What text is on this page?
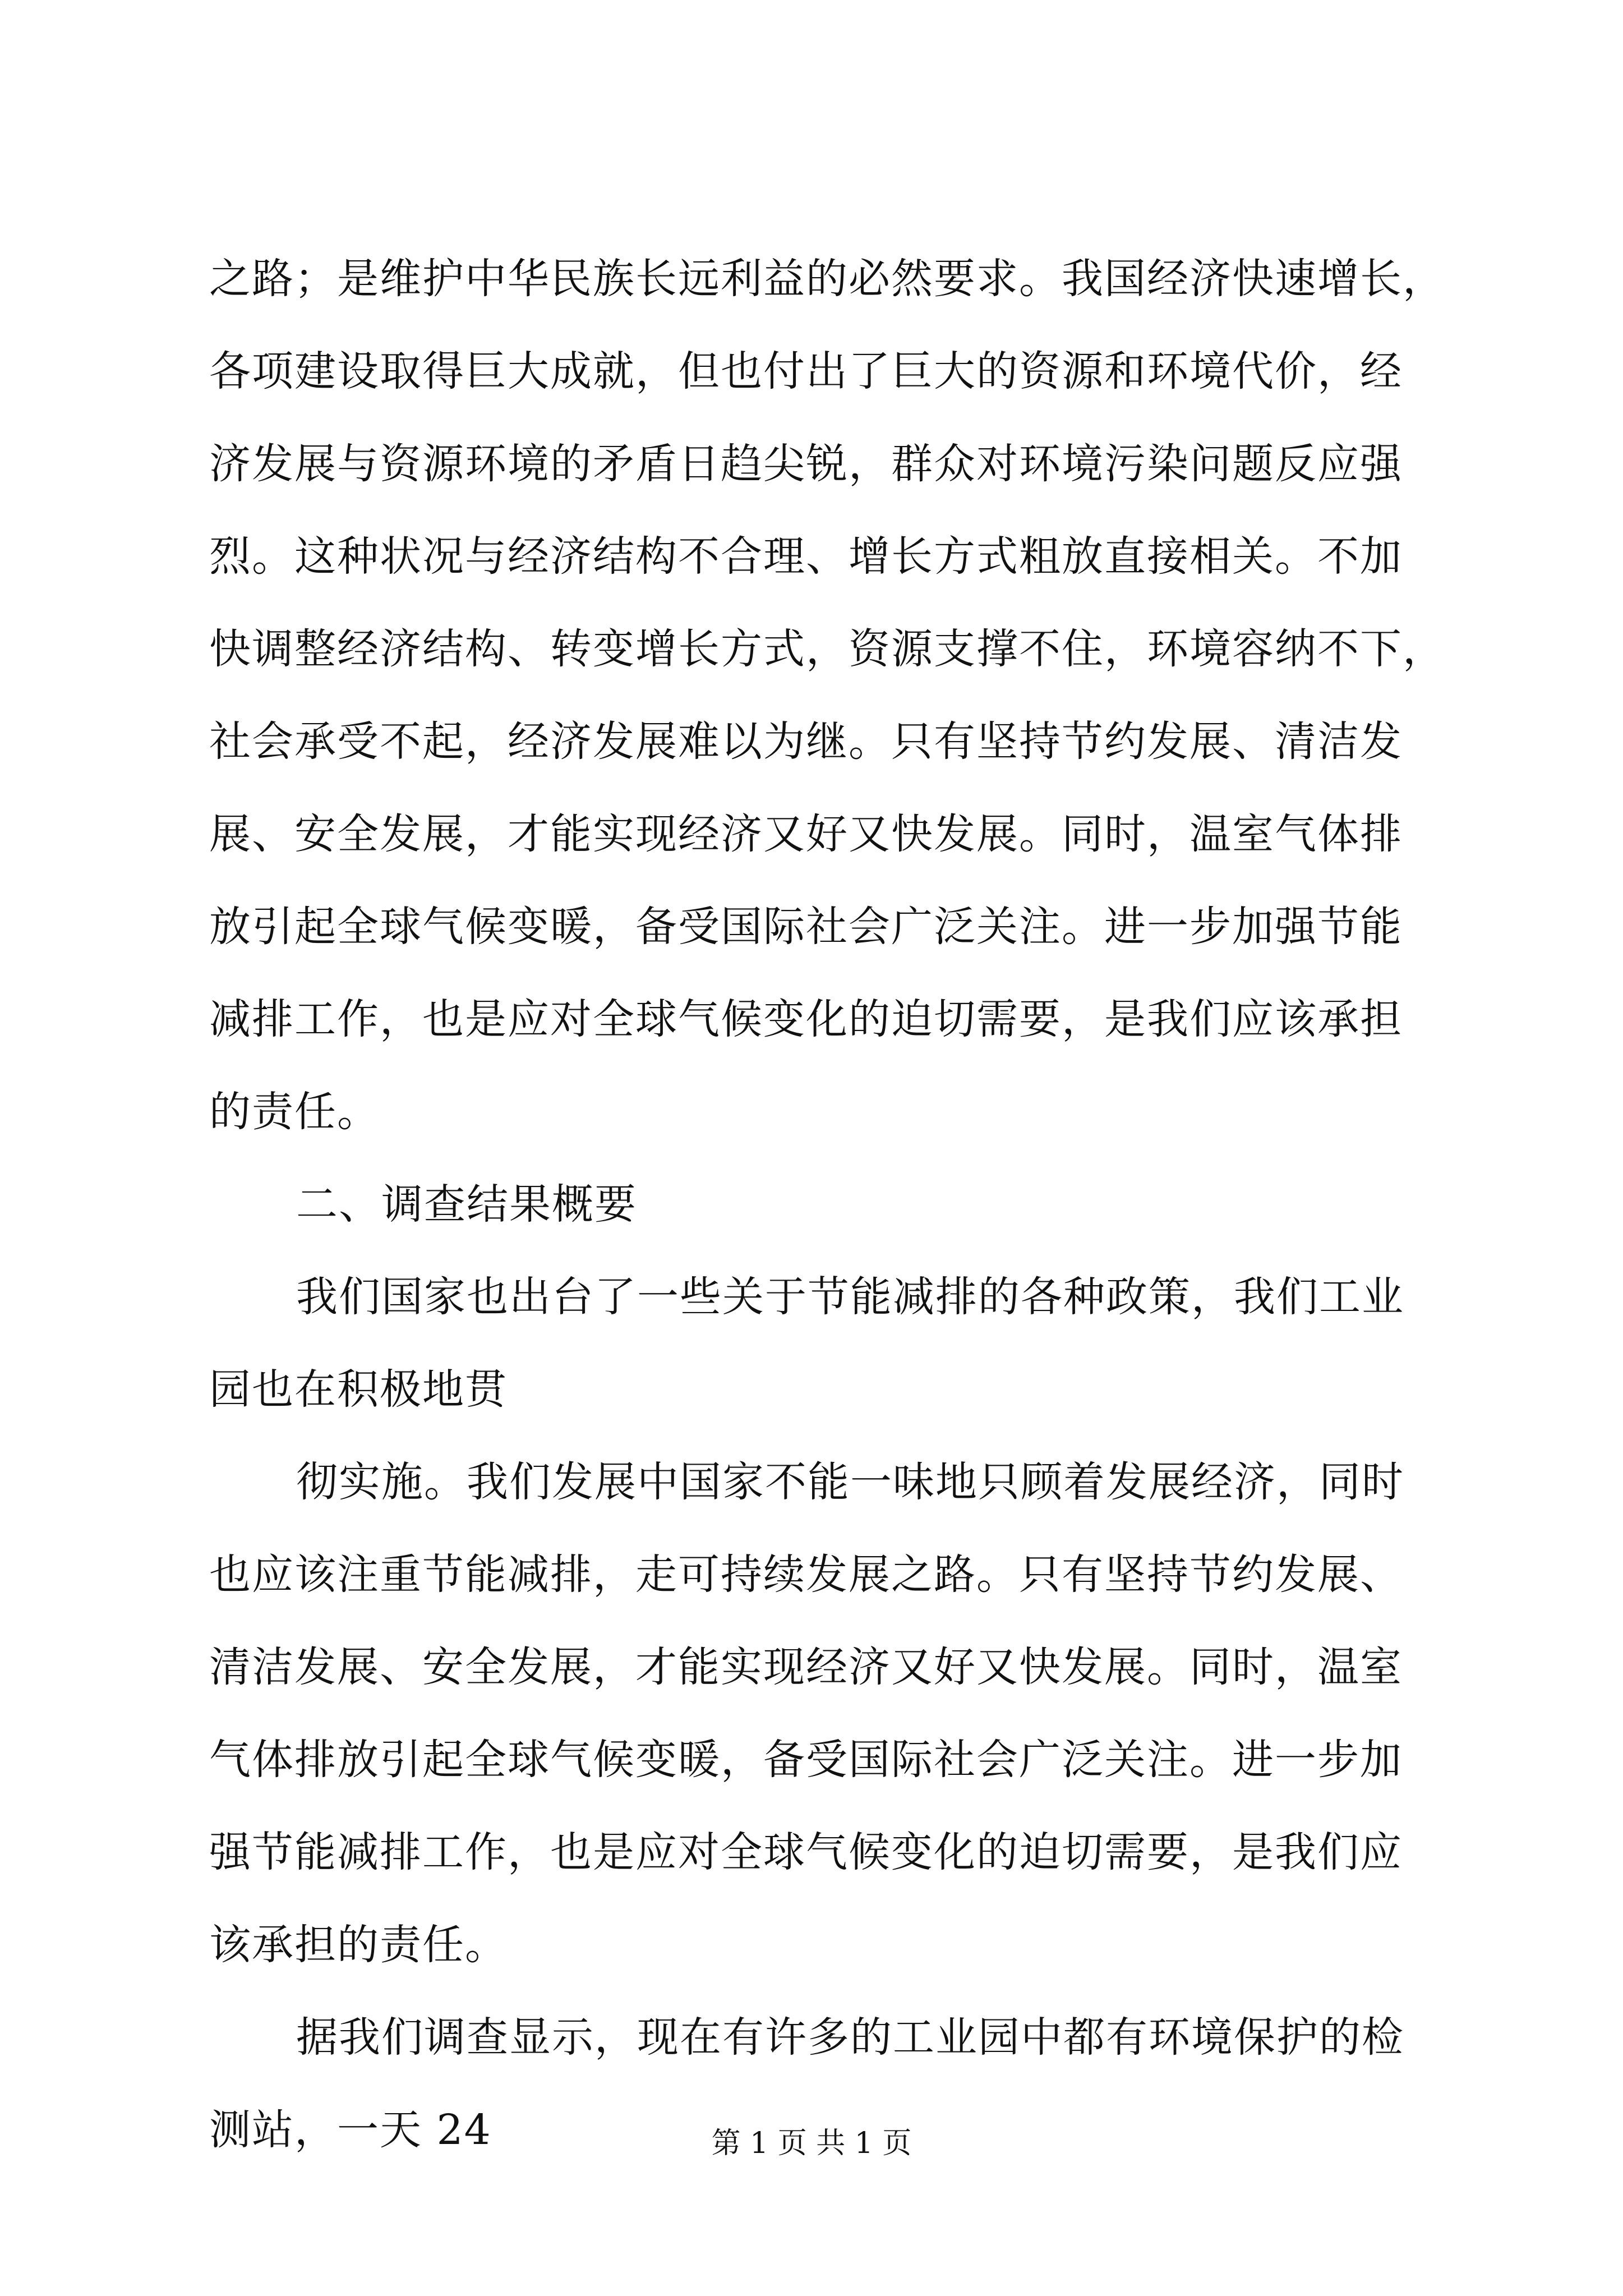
之路；是维护中华民族长远利益的必然要求。我国经济快速增长，
各项建设取得巨大成就，但也付出了巨大的资源和环境代价，经
济发展与资源环境的矛盾日趋尖锐，群众对环境污染问题反应强
烈。这种状况与经济结构不合理、增长方式粗放直接相关。不加
快调整经济结构、转变增长方式，资源支撑不住，环境容纳不下，
社会承受不起，经济发展难以为继。只有坚持节约发展、清洁发
展、安全发展，才能实现经济又好又快发展。同时，温室气体排
放引起全球气候变暖，备受国际社会广泛关注。进一步加强节能
减排工作，也是应对全球气候变化的迫切需要，是我们应该承担
的责任。
二、调查结果概要
我们国家也出台了一些关于节能减排的各种政策，我们工业
园也在积极地贯
彻实施。我们发展中国家不能一味地只顾着发展经济，同时
也应该注重节能减排，走可持续发展之路。只有坚持节约发展、
清洁发展、安全发展，才能实现经济又好又快发展。同时，温室
气体排放引起全球气候变暖，备受国际社会广泛关注。进一步加
强节能减排工作，也是应对全球气候变化的迫切需要，是我们应
该承担的责任。
据我们调查显示，现在有许多的工业园中都有环境保护的检
测站，一天 24	第 1 页 共 1 页
